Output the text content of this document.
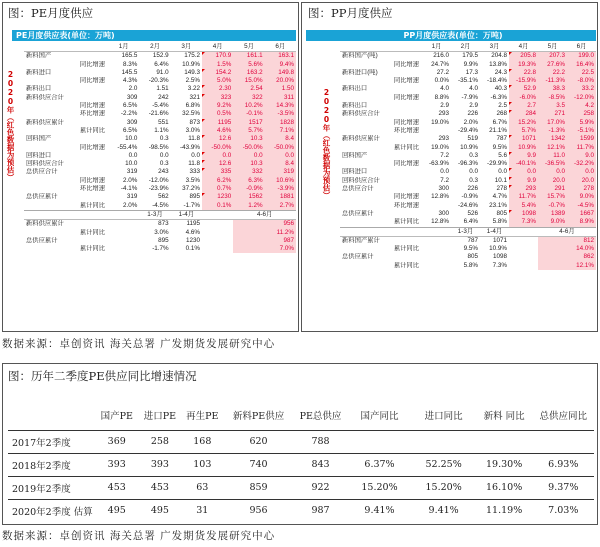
图：PE月度供应
PE月度供应表(单位：万吨)
2020年（红色数据为预估）
		1月	2月	3月	4月	5月	6月
新料国产		165.5	152.9	175.2	170.9	161.1	163.1
	同比增速	8.3%	6.4%	10.9%	1.5%	5.6%	9.4%
新料进口		145.5	91.0	149.3	154.2	163.2	149.8
	同比增速	4.3%	-20.3%	2.5%	5.0%	15.0%	20.0%
新料出口		2.0	1.51	3.22	2.30	2.54	1.50
新料供应合计		309	242	321	323	322	311
	同比增速	6.5%	-5.4%	6.8%	9.2%	10.2%	14.3%
	环比增速	-2.2%	-21.6%	32.5%	0.5%	-0.1%	-3.5%
新料供应累计		309	551	873	1195	1517	1828
	累计同比	6.5%	1.1%	3.0%	4.6%	5.7%	7.1%
回料国产		10.0	0.3	11.8	12.6	10.3	8.4
	同比增速	-55.4%	-98.5%	-43.9%	-50.0%	-50.0%	-50.0%
回料进口		0.0	0.0	0.0	0.0	0.0	0.0
回料供应合计		10.0	0.3	11.8	12.6	10.3	8.4
总供应合计		319	243	333	335	332	319
	同比增速	2.0%	-12.0%	3.5%	6.2%	6.3%	10.6%
	环比增速	-4.1%	-23.9%	37.2%	0.7%	-0.9%	-3.9%
总供应累计		319	562	895	1230	1562	1881
	累计同比	2.0%	-4.5%	-1.7%	0.1%	1.2%	2.7%
			1-3月	1-4月		4-6月	
新料供应累计			873	1195		956	
	累计同比		3.0%	4.6%		11.2%	
总供应累计			895	1230		987	
	累计同比		-1.7%	0.1%		7.0%	
图：PP月度供应
PP月度供应表(单位：万吨)
2020年（红色数据为预估）
		1月	2月	3月	4月	5月	6月
新料国产(吨)		216.0	179.5	204.8	205.8	207.3	199.0
	同比增速	24.7%	9.9%	13.8%	19.3%	27.6%	16.4%
新料进口(吨)		27.2	17.3	24.3	22.8	22.2	22.5
	同比增速	0.0%	-35.1%	-18.4%	-15.9%	-11.3%	-8.0%
新料出口		4.0	4.0	40.3	52.9	38.3	33.2
	同比增速	8.8%	-7.9%	-6.3%	-6.0%	-8.5%	-12.0%
新料出口		2.9	2.9	2.5	2.7	3.5	4.2
新料供应合计		293	226	268	284	271	258
	同比增速	19.0%	2.0%	6.7%	15.2%	17.0%	5.9%
	环比增速		-29.4%	21.1%	5.7%	-1.3%	-5.1%
新料供应累计		293	519	787	1071	1342	1599
	累计同比	19.0%	10.9%	9.5%	10.9%	12.1%	11.7%
回料国产		7.2	0.3	5.6	9.9	11.0	9.0
	同比增速	-63.9%	-96.3%	-29.9%	-40.1%	-36.5%	-32.2%
回料进口		0.0	0.0	0.0	0.0	0.0	0.0
回料供应合计		7.2	0.3	10.1	9.9	20.0	20.0
总供应合计		300	226	278	293	291	278
	同比增速	12.8%	-0.9%	4.7%	11.7%	15.7%	9.0%
	环比增速		-24.6%	23.1%	5.4%	-0.7%	-4.5%
总供应累计		300	526	805	1098	1389	1667
	累计同比	12.8%	6.4%	5.8%	7.3%	9.0%	8.9%
			1-3月	1-4月		4-6月	
新料国产累计			787	1071		812	
	累计同比		9.5%	10.9%		14.0%	
总供应累计			805	1098		862	
	累计同比		5.8%	7.3%		12.1%	
数据来源：卓创资讯 海关总署 广发期货发展研究中心
图：历年二季度PE供应同比增速情况
	国产PE	进口PE	再生PE	新料PE供应	PE总供应	国产同比	进口同比	新料 同比	总供应同比
2017年2季度	369	258	168	620	788				
2018年2季度	393	393	103	740	843	6.37%	52.25%	19.30%	6.93%
2019年2季度	453	453	63	859	922	15.20%	15.20%	16.10%	9.37%
2020年2季度 估算	495	495	31	956	987	9.41%	9.41%	11.19%	7.03%
数据来源：卓创资讯 海关总署 广发期货发展研究中心
